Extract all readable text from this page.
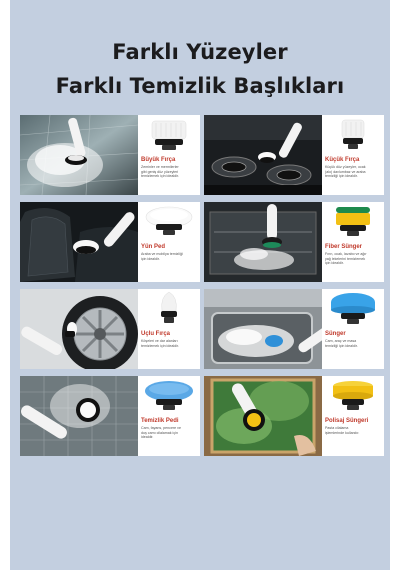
Farklı Yüzeyler
Farklı Temizlik Başlıkları
Büyük Fırça
Zeminler ve mermilerler
gibi geniş düz yüzeyleri
temizlemek için idealdir.
Küçük Fırça
Küçük düz yüzeyler, ocak
(alo) davlumbaz ve araba
temizliği için idealdir.
Yün Ped
Araba ve mobilya temizliği
için idealdir.
Fiber Sünger
Fırın, ocak, lavabo ve ağır
yağ lekelerini temizlemek
için idealdir.
Uçlu Fırça
Köşeleri ve dar alanları
temizlemek için idealdir.
Sünger
Cam, araç ve masa
temizliği için idealdir.
Temizlik Pedi
Cam, fayans, pencere ve
duş camı cilalamak için
idealdir.
Polisaj Süngeri
Pasta cilalama
işlemlerinde kullanılır.
